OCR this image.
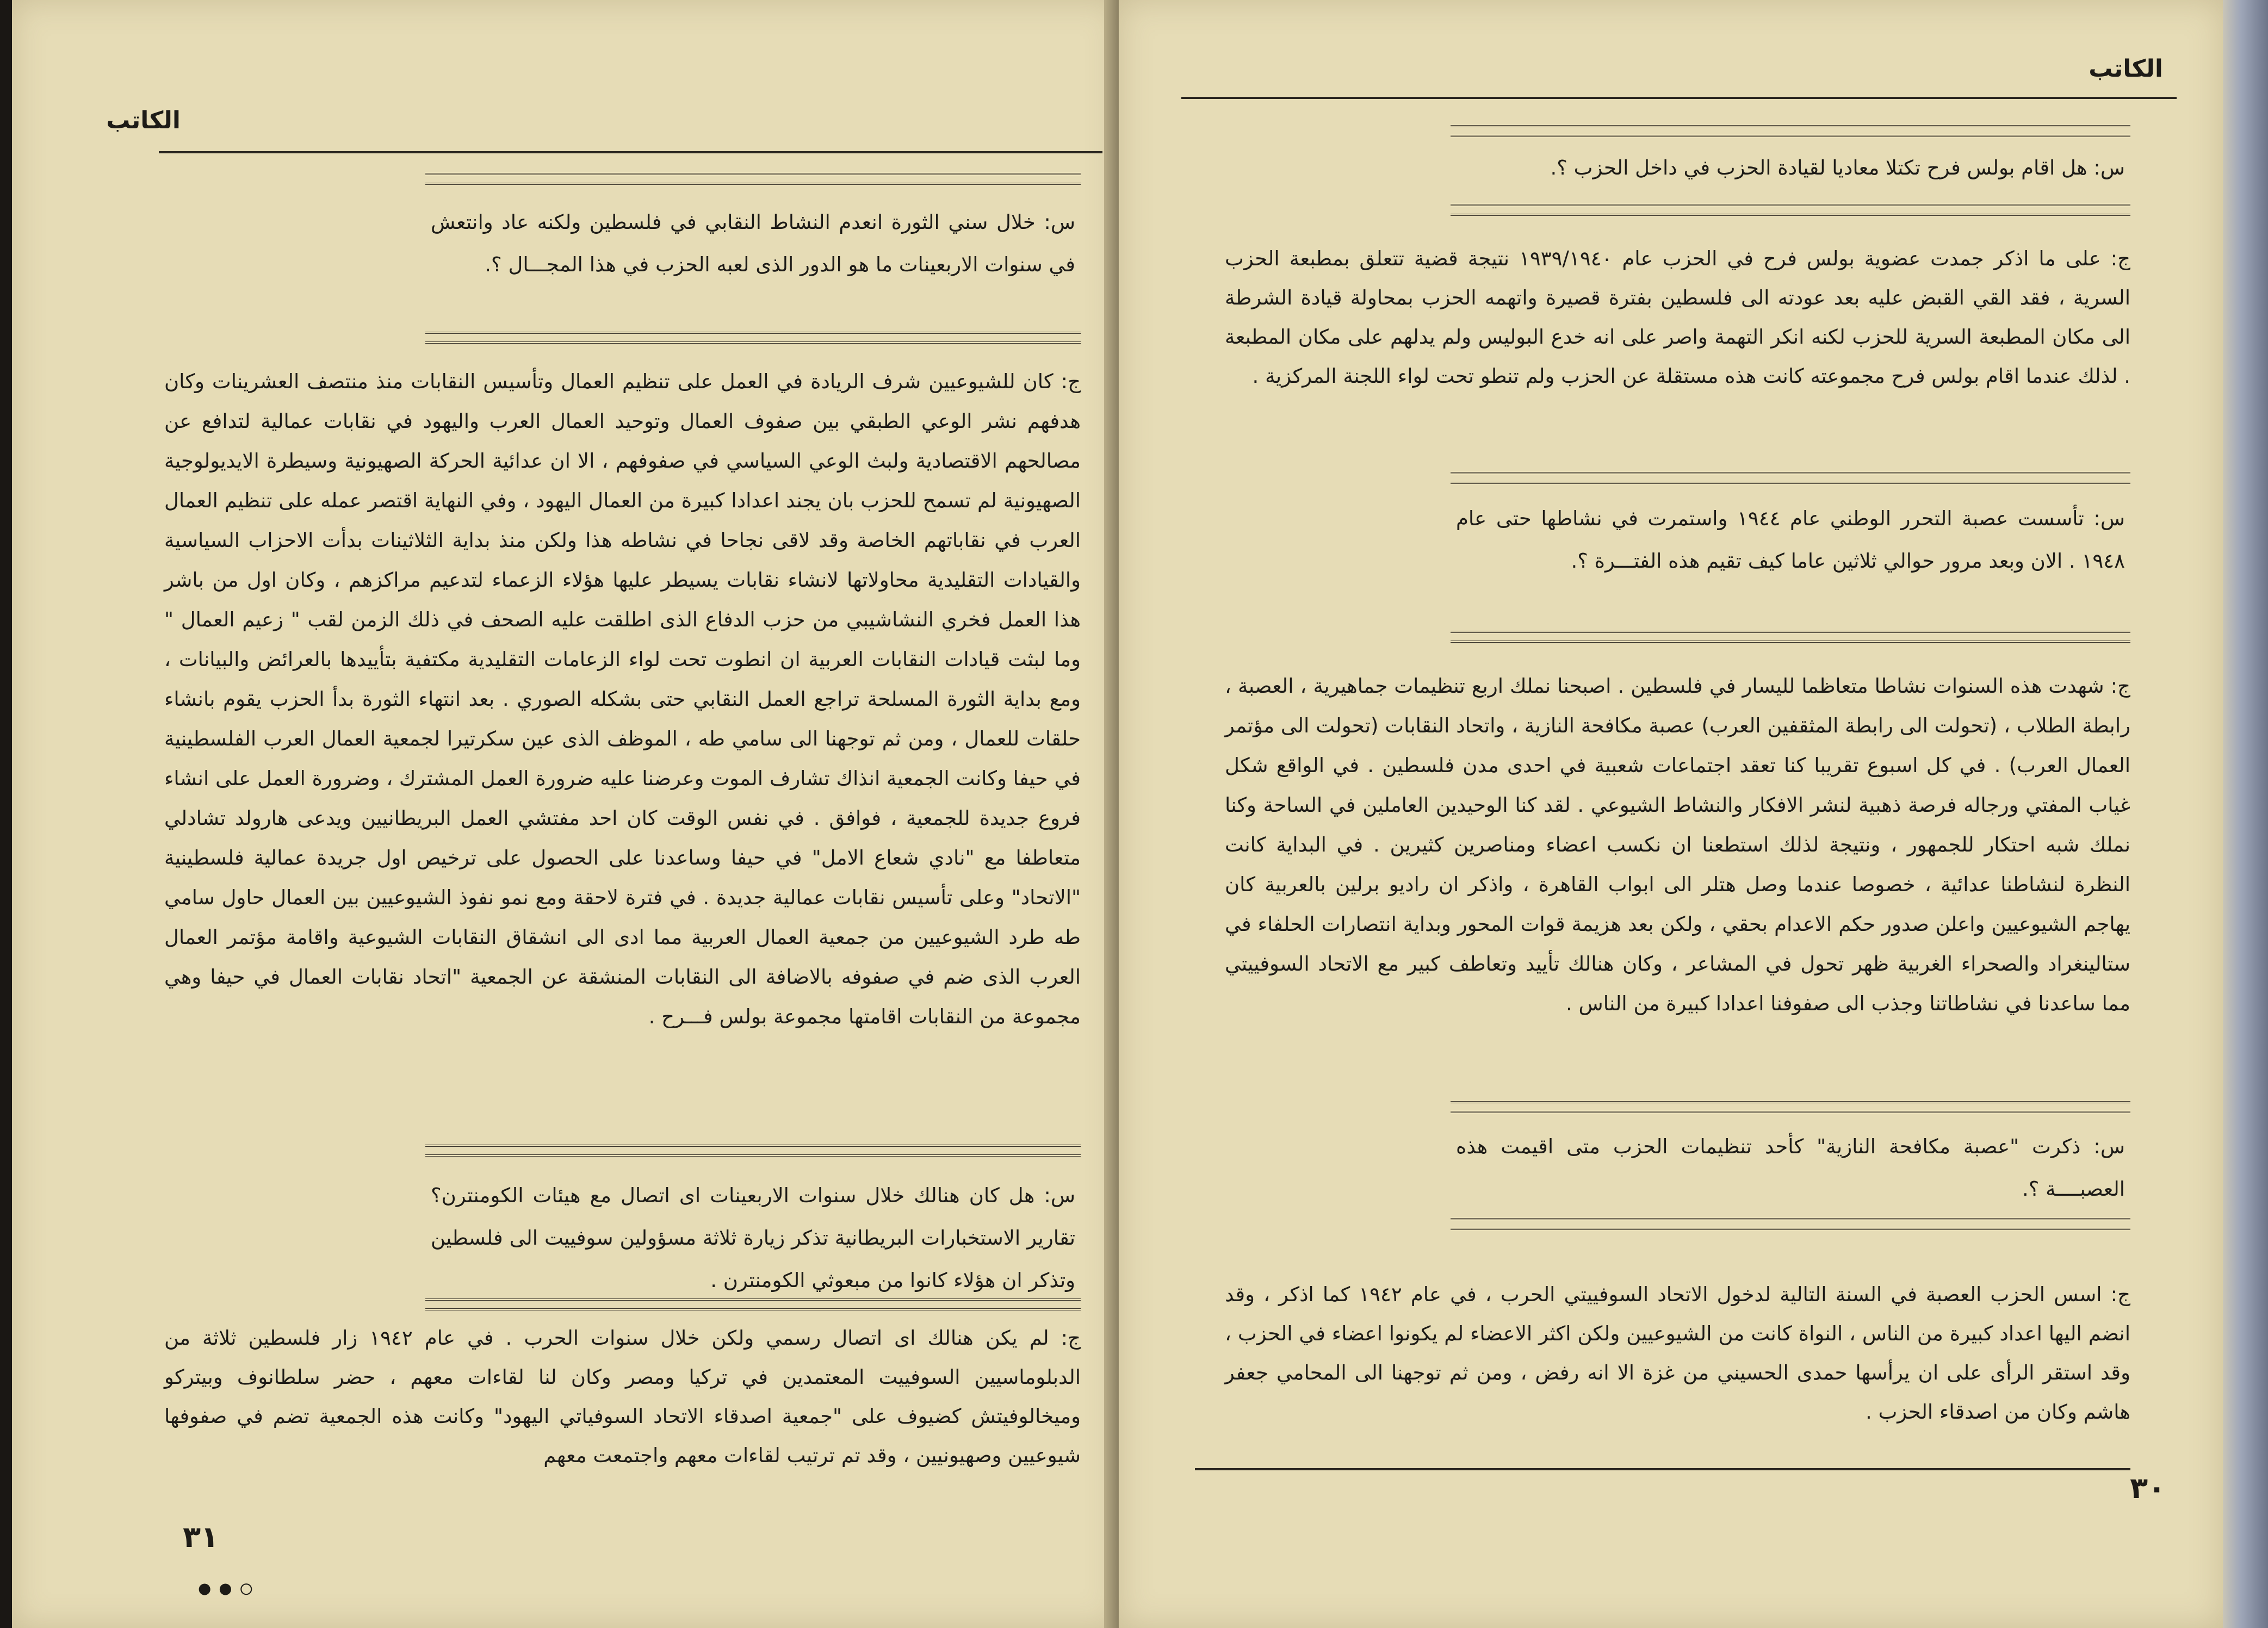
الكاتب
س: خلال سني الثورة انعدم النشاط النقابي في فلسطين ولكنه عاد وانتعش في سنوات الاربعينات ما هو الدور الذى لعبه الحزب في هذا المجـــال ؟.
ج: كان للشيوعيين شرف الريادة في العمل على تنظيم العمال وتأسيس النقابات منذ منتصف العشرينات وكان هدفهم نشر الوعي الطبقي بين صفوف العمال وتوحيد العمال العرب واليهود في نقابات عمالية لتدافع عن مصالحهم الاقتصادية ولبث الوعي السياسي في صفوفهم ، الا ان عدائية الحركة الصهيونية وسيطرة الايديولوجية الصهيونية لم تسمح للحزب بان يجند اعدادا كبيرة من العمال اليهود ، وفي النهاية اقتصر عمله على تنظيم العمال العرب في نقاباتهم الخاصة وقد لاقى نجاحا في نشاطه هذا ولكن منذ بداية الثلاثينات بدأت الاحزاب السياسية والقيادات التقليدية محاولاتها لانشاء نقابات يسيطر عليها هؤلاء الزعماء لتدعيم مراكزهم ، وكان اول من باشر هذا العمل فخري النشاشيبي من حزب الدفاع الذى اطلقت عليه الصحف في ذلك الزمن لقب " زعيم العمال " وما لبثت قيادات النقابات العربية ان انطوت تحت لواء الزعامات التقليدية مكتفية بتأييدها بالعرائض والبيانات ، ومع بداية الثورة المسلحة تراجع العمل النقابي حتى بشكله الصوري . بعد انتهاء الثورة بدأ الحزب يقوم بانشاء حلقات للعمال ، ومن ثم توجهنا الى سامي طه ، الموظف الذى عين سكرتيرا لجمعية العمال العرب الفلسطينية في حيفا وكانت الجمعية انذاك تشارف الموت وعرضنا عليه ضرورة العمل المشترك ، وضرورة العمل على انشاء فروع جديدة للجمعية ، فوافق . في نفس الوقت كان احد مفتشي العمل البريطانيين ويدعى هارولد تشادلي متعاطفا مع "نادي شعاع الامل" في حيفا وساعدنا على الحصول على ترخيص اول جريدة عمالية فلسطينية "الاتحاد" وعلى تأسيس نقابات عمالية جديدة . في فترة لاحقة ومع نمو نفوذ الشيوعيين بين العمال حاول سامي طه طرد الشيوعيين من جمعية العمال العربية مما ادى الى انشقاق النقابات الشيوعية واقامة مؤتمر العمال العرب الذى ضم في صفوفه بالاضافة الى النقابات المنشقة عن الجمعية "اتحاد نقابات العمال في حيفا وهي مجموعة من النقابات اقامتها مجموعة بولس فـــرح .
س: هل كان هنالك خلال سنوات الاربعينات اى اتصال مع هيئات الكومنترن؟ تقارير الاستخبارات البريطانية تذكر زيارة ثلاثة مسؤولين سوفييت الى فلسطين وتذكر ان هؤلاء كانوا من مبعوثي الكومنترن .
ج: لم يكن هنالك اى اتصال رسمي ولكن خلال سنوات الحرب . في عام ١٩٤٢ زار فلسطين ثلاثة من الدبلوماسيين السوفييت المعتمدين في تركيا ومصر وكان لنا لقاءات معهم ، حضر سلطانوف وبيتركو وميخالوفيتش كضيوف على "جمعية اصدقاء الاتحاد السوفياتي اليهود" وكانت هذه الجمعية تضم في صفوفها شيوعيين وصهيونيين ، وقد تم ترتيب لقاءات معهم واجتمعت معهم
٣١
◦••
الكاتب
س: هل اقام بولس فرح تكتلا معاديا لقيادة الحزب في داخل الحزب ؟.
ج: على ما اذكر جمدت عضوية بولس فرح في الحزب عام ١٩٣٩/١٩٤٠ نتيجة قضية تتعلق بمطبعة الحزب السرية ، فقد القي القبض عليه بعد عودته الى فلسطين بفترة قصيرة واتهمه الحزب بمحاولة قيادة الشرطة الى مكان المطبعة السرية للحزب لكنه انكر التهمة واصر على انه خدع البوليس ولم يدلهم على مكان المطبعة . لذلك عندما اقام بولس فرح مجموعته كانت هذه مستقلة عن الحزب ولم تنطو تحت لواء اللجنة المركزية .
س: تأسست عصبة التحرر الوطني عام ١٩٤٤ واستمرت في نشاطها حتى عام ١٩٤٨ . الان وبعد مرور حوالي ثلاثين عاما كيف تقيم هذه الفتـــرة ؟.
ج: شهدت هذه السنوات نشاطا متعاظما لليسار في فلسطين . اصبحنا نملك اربع تنظيمات جماهيرية ، العصبة ، رابطة الطلاب ، (تحولت الى رابطة المثقفين العرب) عصبة مكافحة النازية ، واتحاد النقابات (تحولت الى مؤتمر العمال العرب) . في كل اسبوع تقريبا كنا تعقد اجتماعات شعبية في احدى مدن فلسطين . في الواقع شكل غياب المفتي ورجاله فرصة ذهبية لنشر الافكار والنشاط الشيوعي . لقد كنا الوحيدين العاملين في الساحة وكنا نملك شبه احتكار للجمهور ، ونتيجة لذلك استطعنا ان نكسب اعضاء ومناصرين كثيرين . في البداية كانت النظرة لنشاطنا عدائية ، خصوصا عندما وصل هتلر الى ابواب القاهرة ، واذكر ان راديو برلين بالعربية كان يهاجم الشيوعيين واعلن صدور حكم الاعدام بحقي ، ولكن بعد هزيمة قوات المحور وبداية انتصارات الحلفاء في ستالينغراد والصحراء الغربية ظهر تحول في المشاعر ، وكان هنالك تأييد وتعاطف كبير مع الاتحاد السوفييتي مما ساعدنا في نشاطاتنا وجذب الى صفوفنا اعدادا كبيرة من الناس .
س: ذكرت "عصبة مكافحة النازية" كأحد تنظيمات الحزب متى اقيمت هذه العصبــــة ؟.
ج: اسس الحزب العصبة في السنة التالية لدخول الاتحاد السوفييتي الحرب ، في عام ١٩٤٢ كما اذكر ، وقد انضم اليها اعداد كبيرة من الناس ، النواة كانت من الشيوعيين ولكن اكثر الاعضاء لم يكونوا اعضاء في الحزب ، وقد استقر الرأى على ان يرأسها حمدى الحسيني من غزة الا انه رفض ، ومن ثم توجهنا الى المحامي جعفر هاشم وكان من اصدقاء الحزب .
٣٠
